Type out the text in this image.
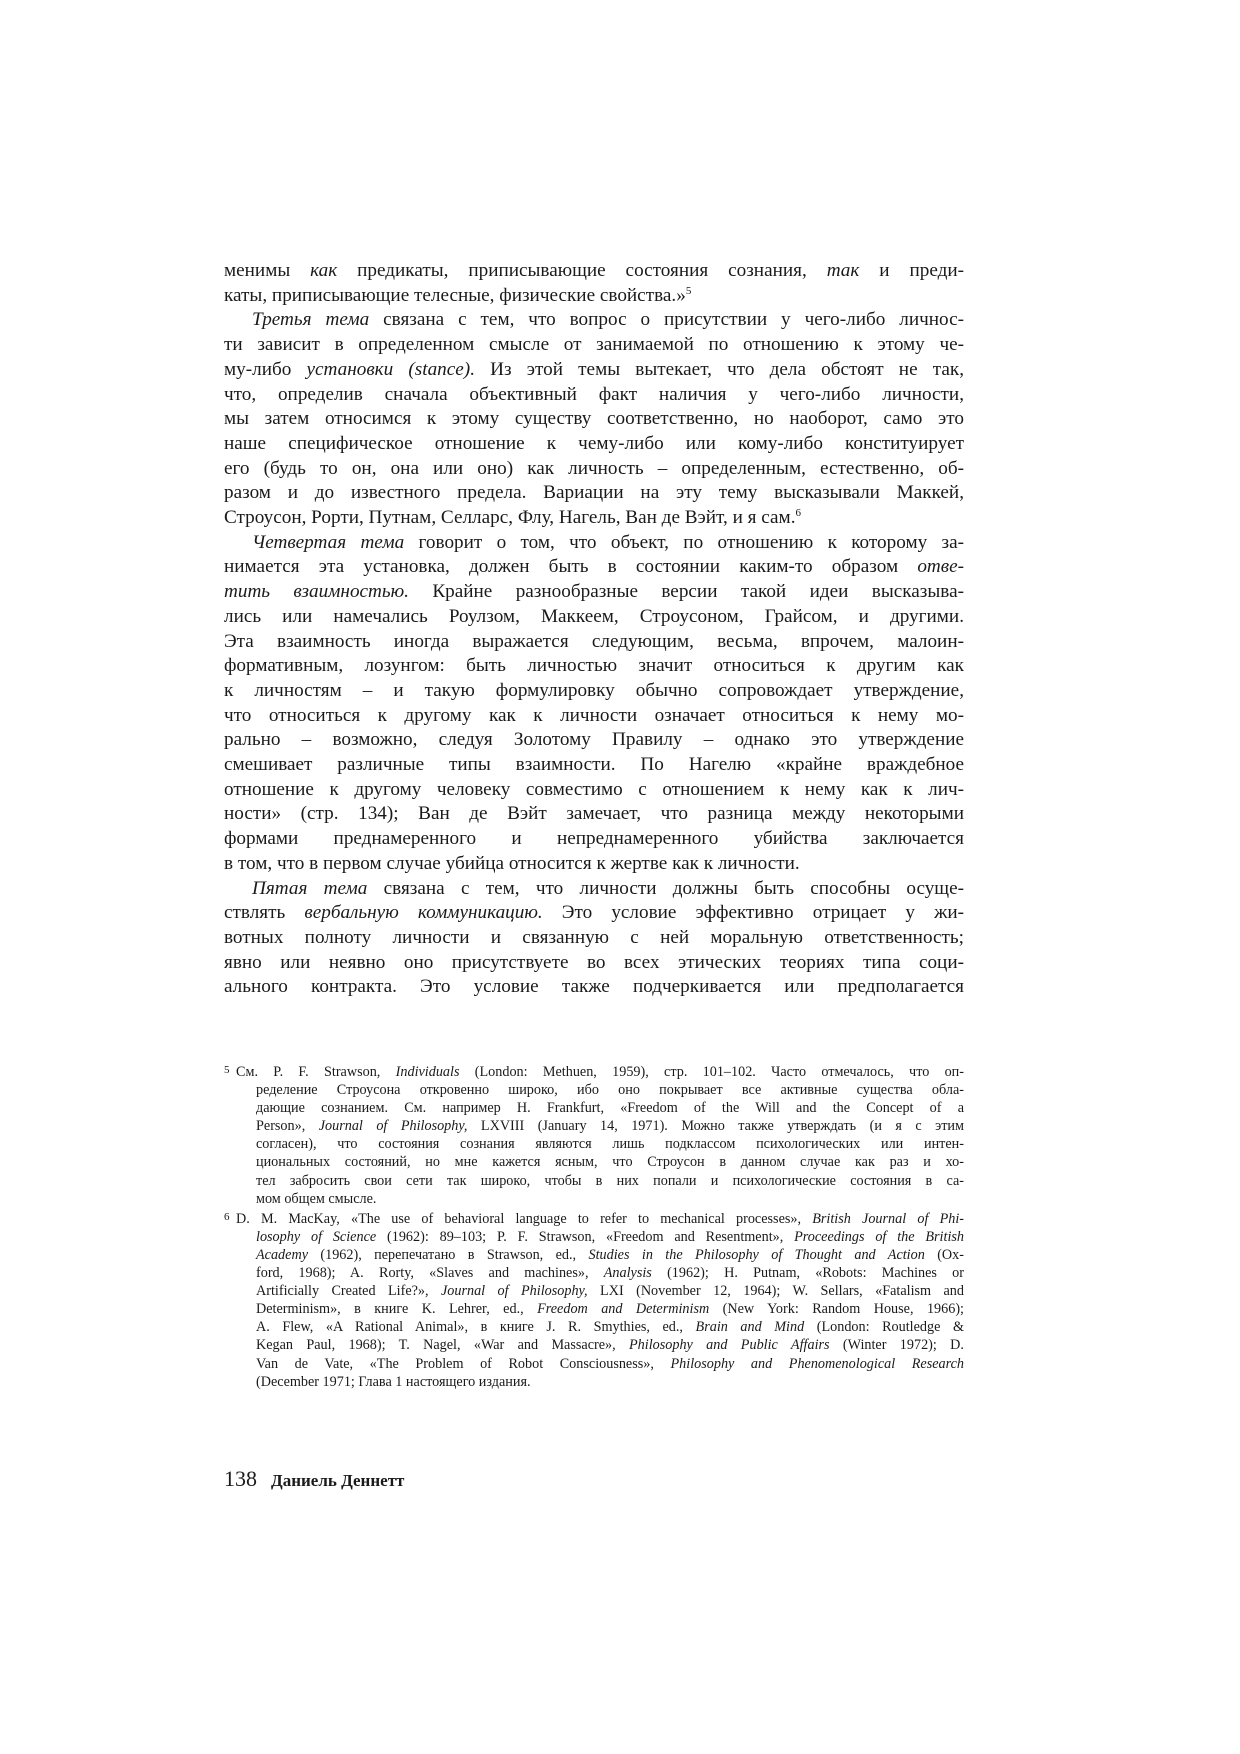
менимы как предикаты, приписывающие состояния сознания, так и преди-
каты, приписывающие телесные, физические свойства.»$^5$
Третья тема связана с тем, что вопрос о присутствии у чего-либо личнос-
ти зависит в определенном смысле от занимаемой по отношению к этому че-
му-либо установки (stance). Из этой темы вытекает, что дела обстоят не так,
что, определив сначала объективный факт наличия у чего-либо личности,
мы затем относимся к этому существу соответственно, но наоборот, само это
наше специфическое отношение к чему-либо или кому-либо конституирует
его (будь то он, она или оно) как личность – определенным, естественно, об-
разом и до известного предела. Вариации на эту тему высказывали Маккей,
Строусон, Рорти, Путнам, Селларс, Флу, Нагель, Ван де Вэйт, и я сам.$^6$
Четвертая тема говорит о том, что объект, по отношению к которому за-
нимается эта установка, должен быть в состоянии каким-то образом отве-
тить взаимностью. Крайне разнообразные версии такой идеи высказыва-
лись или намечались Роулзом, Маккеем, Строусоном, Грайсом, и другими.
Эта взаимность иногда выражается следующим, весьма, впрочем, малоин-
формативным, лозунгом: быть личностью значит относиться к другим как
к личностям – и такую формулировку обычно сопровождает утверждение,
что относиться к другому как к личности означает относиться к нему мо-
рально – возможно, следуя Золотому Правилу – однако это утверждение
смешивает различные типы взаимности. По Нагелю «крайне враждебное
отношение к другому человеку совместимо с отношением к нему как к лич-
ности» (стр. 134); Ван де Вэйт замечает, что разница между некоторыми
формами преднамеренного и непреднамеренного убийства заключается
в том, что в первом случае убийца относится к жертве как к личности.
Пятая тема связана с тем, что личности должны быть способны осуще-
ствлять вербальную коммуникацию. Это условие эффективно отрицает у жи-
вотных полноту личности и связанную с ней моральную ответственность;
явно или неявно оно присутствуете во всех этических теориях типа соци-
ального контракта. Это условие также подчеркивается или предполагается
5 См. P. F. Strawson, Individuals (London: Methuen, 1959), стр. 101–102. Часто отмечалось, что оп-
ределение Строусона откровенно широко, ибо оно покрывает все активные существа обла-
дающие сознанием. См. например H. Frankfurt, «Freedom of the Will and the Concept of a
Person», Journal of Philosophy, LXVIII (January 14, 1971). Можно также утверждать (и я с этим
согласен), что состояния сознания являются лишь подклассом психологических или интен-
циональных состояний, но мне кажется ясным, что Строусон в данном случае как раз и хо-
тел забросить свои сети так широко, чтобы в них попали и психологические состояния в са-
мом общем смысле.
6 D. M. MacKay, «The use of behavioral language to refer to mechanical processes», British Journal of Phi-
losophy of Science (1962): 89–103; P. F. Strawson, «Freedom and Resentment», Proceedings of the British
Academy (1962), перепечатано в Strawson, ed., Studies in the Philosophy of Thought and Action (Ox-
ford, 1968); A. Rorty, «Slaves and machines», Analysis (1962); H. Putnam, «Robots: Machines or
Artificially Created Life?», Journal of Philosophy, LXI (November 12, 1964); W. Sellars, «Fatalism and
Determinism», в книге K. Lehrer, ed., Freedom and Determinism (New York: Random House, 1966);
A. Flew, «A Rational Animal», в книге J. R. Smythies, ed., Brain and Mind (London: Routledge &
Kegan Paul, 1968); T. Nagel, «War and Massacre», Philosophy and Public Affairs (Winter 1972); D.
Van de Vate, «The Problem of Robot Consciousness», Philosophy and Phenomenological Research
(December 1971; Глава 1 настоящего издания.
138 Даниель Деннетт
